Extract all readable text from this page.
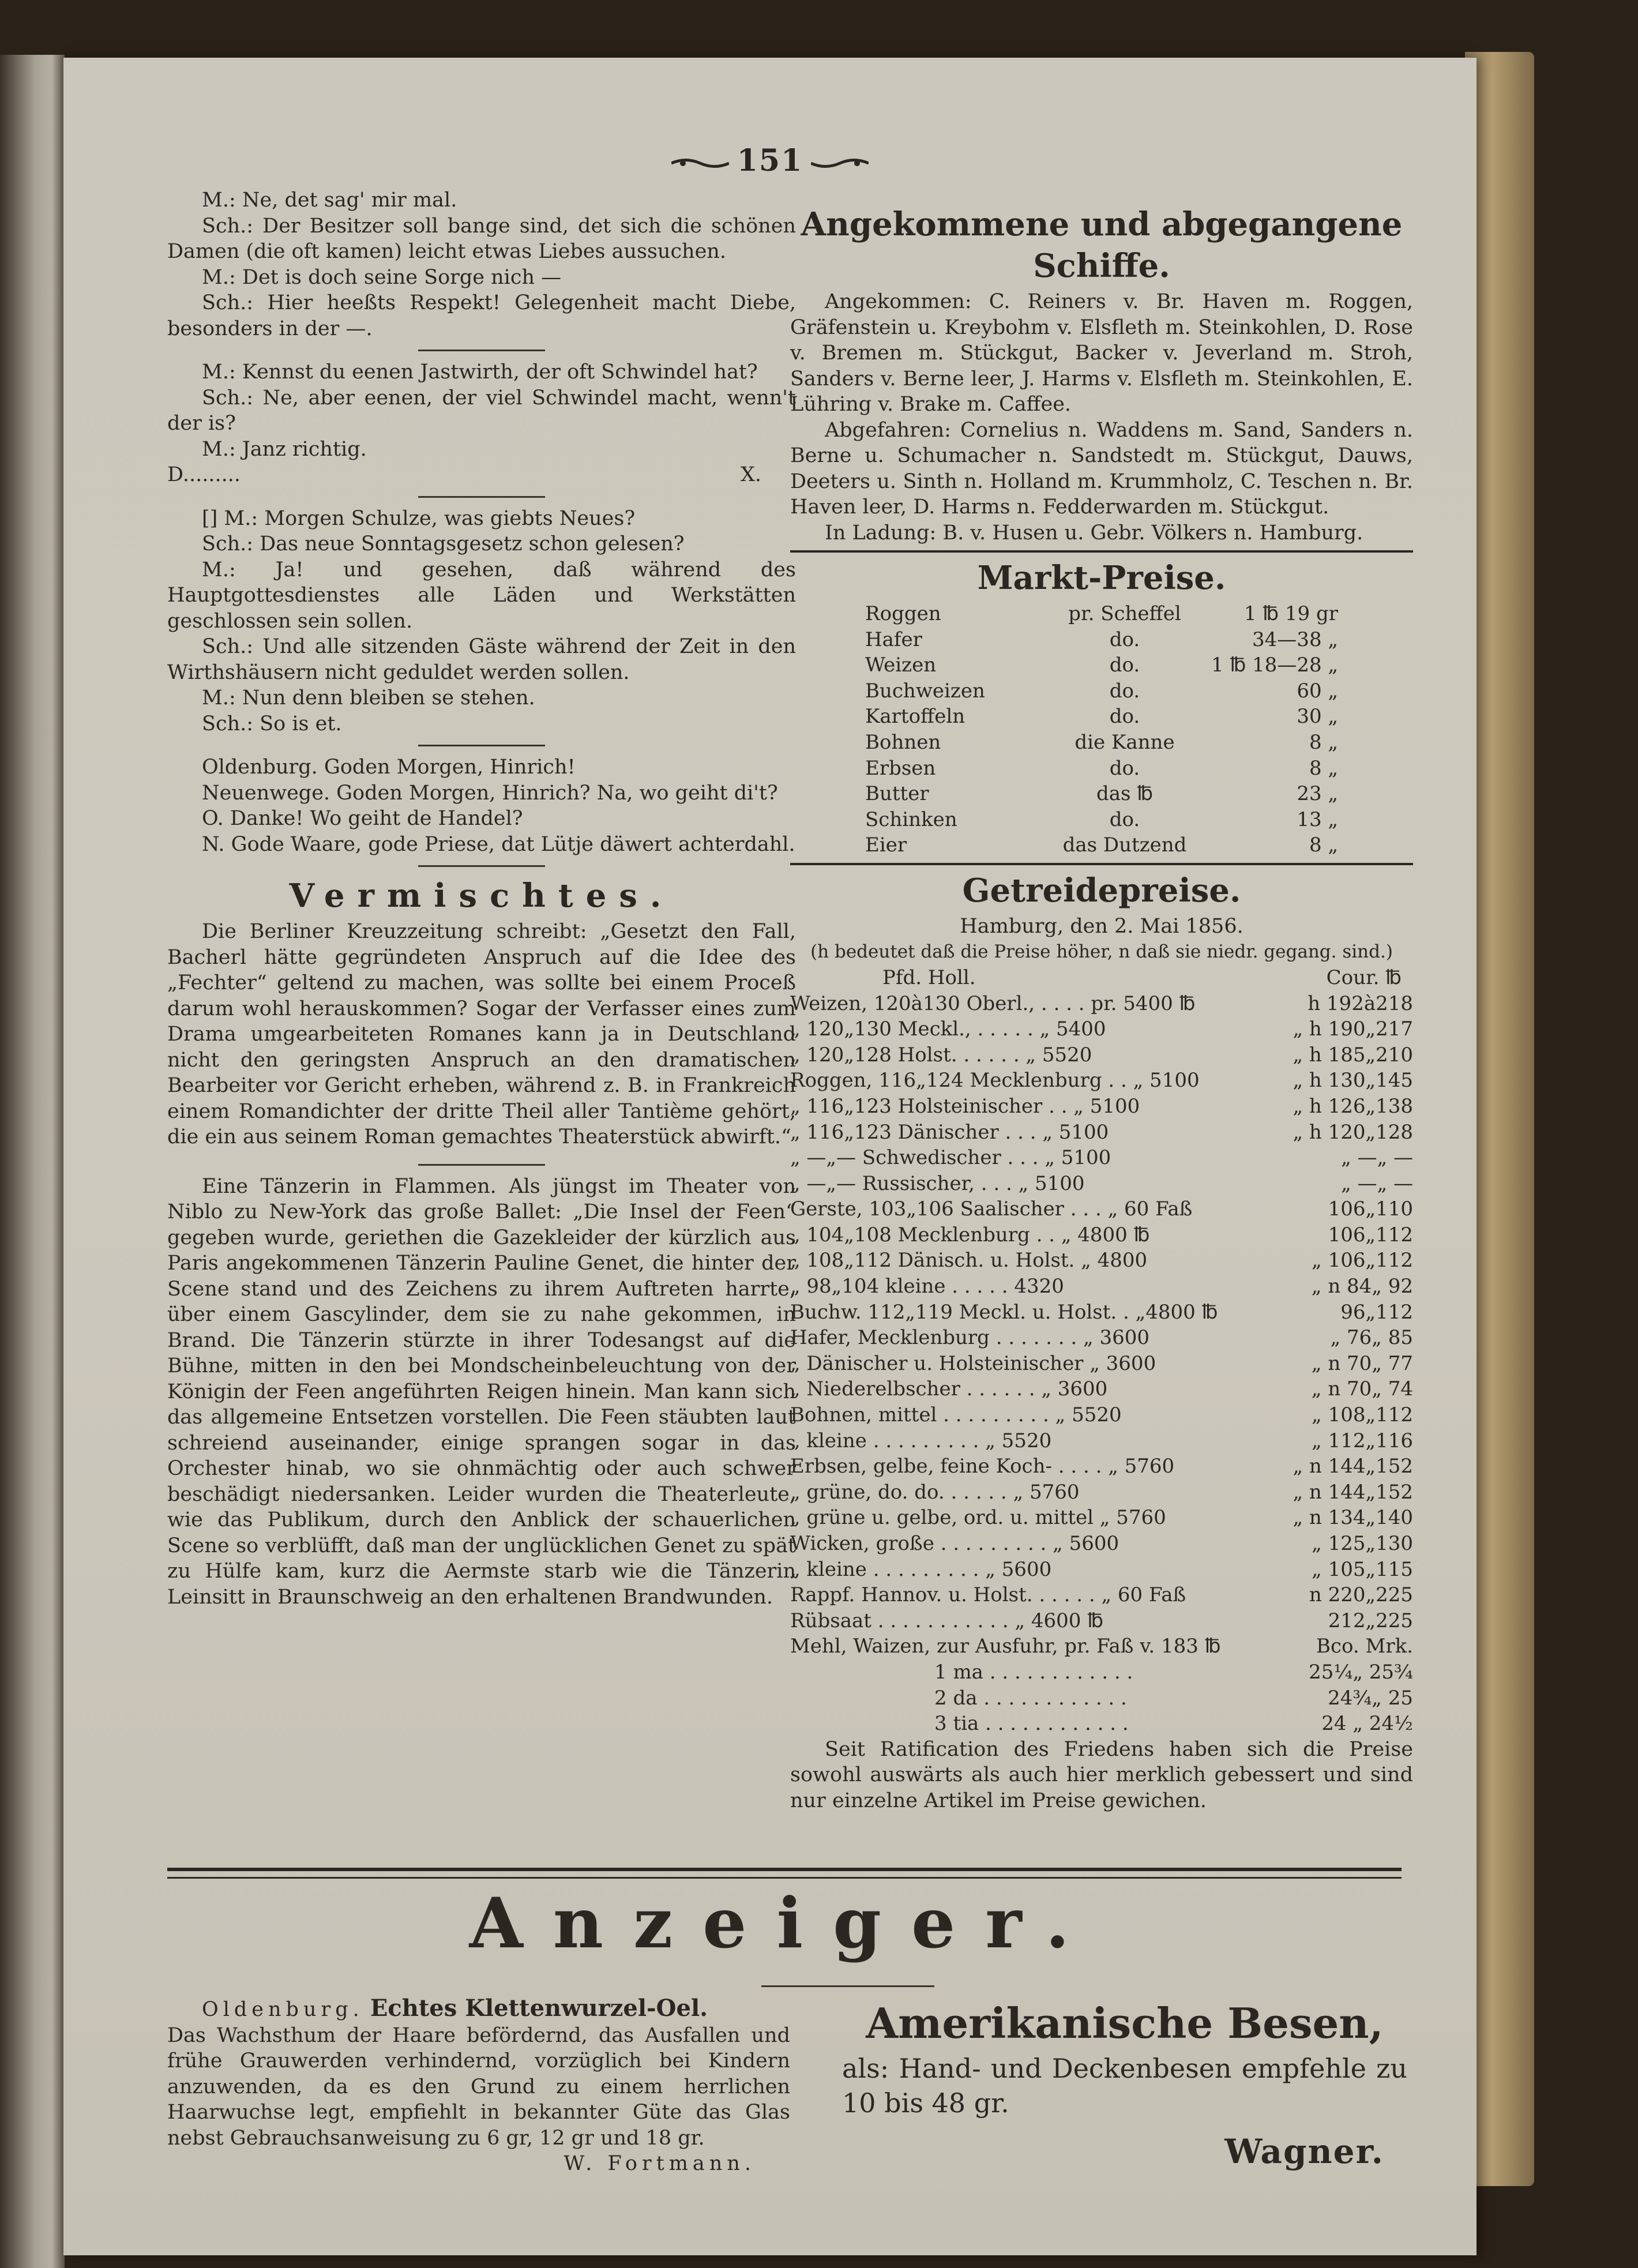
151

M.: Ne, det sag' mir mal.

Sch.: Der Besitzer soll bange sind, det sich die schönen Damen (die oft kamen) leicht etwas Liebes aussuchen.

M.: Det is doch seine Sorge nich —

Sch.: Hier heeßts Respekt! Gelegenheit macht Diebe, besonders in der —.

M.: Kennst du eenen Jastwirth, der oft Schwindel hat?

Sch.: Ne, aber eenen, der viel Schwindel macht, wenn't der is?

M.: Janz richtig.

D.........	X.

[] M.: Morgen Schulze, was giebts Neues?

Sch.: Das neue Sonntagsgesetz schon gelesen?

M.: Ja! und gesehen, daß während des Hauptgottesdienstes alle Läden und Werkstätten geschlossen sein sollen.

Sch.: Und alle sitzenden Gäste während der Zeit in den Wirthshäusern nicht geduldet werden sollen.

M.: Nun denn bleiben se stehen.

Sch.: So is et.

Oldenburg. Goden Morgen, Hinrich!

Neuenwege. Goden Morgen, Hinrich? Na, wo geiht di't?

O. Danke! Wo geiht de Handel?

N. Gode Waare, gode Priese, dat Lütje däwert achterdahl.

Vermischtes.

Die Berliner Kreuzzeitung schreibt: „Gesetzt den Fall, Bacherl hätte gegründeten Anspruch auf die Idee des „Fechter“ geltend zu machen, was sollte bei einem Proceß darum wohl herauskommen? Sogar der Verfasser eines zum Drama umgearbeiteten Romanes kann ja in Deutschland nicht den geringsten Anspruch an den dramatischen Bearbeiter vor Gericht erheben, während z. B. in Frankreich einem Romandichter der dritte Theil aller Tantième gehört, die ein aus seinem Roman gemachtes Theaterstück abwirft.“

Eine Tänzerin in Flammen. Als jüngst im Theater von Niblo zu New-York das große Ballet: „Die Insel der Feen“ gegeben wurde, geriethen die Gazekleider der kürzlich aus Paris angekommenen Tänzerin Pauline Genet, die hinter der Scene stand und des Zeichens zu ihrem Auftreten harrte, über einem Gascylinder, dem sie zu nahe gekommen, in Brand. Die Tänzerin stürzte in ihrer Todesangst auf die Bühne, mitten in den bei Mondscheinbeleuchtung von der Königin der Feen angeführten Reigen hinein. Man kann sich das allgemeine Entsetzen vorstellen. Die Feen stäubten laut schreiend auseinander, einige sprangen sogar in das Orchester hinab, wo sie ohnmächtig oder auch schwer beschädigt niedersanken. Leider wurden die Theaterleute, wie das Publikum, durch den Anblick der schauerlichen Scene so verblüfft, daß man der unglücklichen Genet zu spät zu Hülfe kam, kurz die Aermste starb wie die Tänzerin Leinsitt in Braunschweig an den erhaltenen Brandwunden.

Angekommene und abgegangene Schiffe.

Angekommen: C. Reiners v. Br. Haven m. Roggen, Gräfenstein u. Kreybohm v. Elsfleth m. Steinkohlen, D. Rose v. Bremen m. Stückgut, Backer v. Jeverland m. Stroh, Sanders v. Berne leer, J. Harms v. Elsfleth m. Steinkohlen, E. Lühring v. Brake m. Caffee.

Abgefahren: Cornelius n. Waddens m. Sand, Sanders n. Berne u. Schumacher n. Sandstedt m. Stückgut, Dauws, Deeters u. Sinth n. Holland m. Krummholz, C. Teschen n. Br. Haven leer, D. Harms n. Fedderwarden m. Stückgut.

In Ladung: B. v. Husen u. Gebr. Völkers n. Hamburg.

Markt-Preise.
Roggen	pr. Scheffel	1 ℔ 19 gr
Hafer	do.	34—38 „
Weizen	do.	1 ℔ 18—28 „
Buchweizen	do.	60 „
Kartoffeln	do.	30 „
Bohnen	die Kanne	8 „
Erbsen	do.	8 „
Butter	das ℔	23 „
Schinken	do.	13 „
Eier	das Dutzend	8 „
Getreidepreise.
Hamburg, den 2. Mai 1856.
(h bedeutet daß die Preise höher, n daß sie niedr. gegang. sind.)
Pfd. Holl.	Cour. ℔
Weizen, 120à130 Oberl., . . . . pr. 5400 ℔	h 192à218
„ 120„130 Meckl., . . . . . „ 5400	„ h 190„217
„ 120„128 Holst. . . . . . „ 5520	„ h 185„210
Roggen, 116„124 Mecklenburg . . „ 5100	„ h 130„145
„ 116„123 Holsteinischer . . „ 5100	„ h 126„138
„ 116„123 Dänischer . . . „ 5100	„ h 120„128
„ —„— Schwedischer . . . „ 5100	„ —„ —
„ —„— Russischer, . . . „ 5100	„ —„ —
Gerste, 103„106 Saalischer . . . „ 60 Faß	106„110
„ 104„108 Mecklenburg . . „ 4800 ℔	106„112
„ 108„112 Dänisch. u. Holst. „ 4800	„ 106„112
„ 98„104 kleine . . . . . 4320	„ n 84„ 92
Buchw. 112„119 Meckl. u. Holst. . „4800 ℔	96„112
Hafer, Mecklenburg . . . . . . . „ 3600	„ 76„ 85
„ Dänischer u. Holsteinischer „ 3600	„ n 70„ 77
„ Niederelbscher . . . . . . „ 3600	„ n 70„ 74
Bohnen, mittel . . . . . . . . . „ 5520	„ 108„112
„ kleine . . . . . . . . . „ 5520	„ 112„116
Erbsen, gelbe, feine Koch- . . . . „ 5760	„ n 144„152
„ grüne, do. do. . . . . . „ 5760	„ n 144„152
„ grüne u. gelbe, ord. u. mittel „ 5760	„ n 134„140
Wicken, große . . . . . . . . . „ 5600	„ 125„130
„ kleine . . . . . . . . . „ 5600	„ 105„115
Rappf. Hannov. u. Holst. . . . . . „ 60 Faß	n 220„225
Rübsaat . . . . . . . . . . . „ 4600 ℔	212„225
Mehl, Waizen, zur Ausfuhr, pr. Faß v. 183 ℔	Bco. Mrk.
1 ma . . . . . . . . . . . .	25¼„ 25¾
2 da . . . . . . . . . . . .	24¾„ 25
3 tia . . . . . . . . . . . .	24 „ 24½

Seit Ratification des Friedens haben sich die Preise sowohl auswärts als auch hier merklich gebessert und sind nur einzelne Artikel im Preise gewichen.

Anzeiger.

Oldenburg. Echtes Klettenwurzel-Oel.

Das Wachsthum der Haare befördernd, das Ausfallen und frühe Grauwerden verhindernd, vorzüglich bei Kindern anzuwenden, da es den Grund zu einem herrlichen Haarwuchse legt, empfiehlt in bekannter Güte das Glas nebst Gebrauchsanweisung zu 6 gr, 12 gr und 18 gr.

W. Fortmann.

Amerikanische Besen,

als: Hand- und Deckenbesen empfehle zu 10 bis 48 gr.

Wagner.
